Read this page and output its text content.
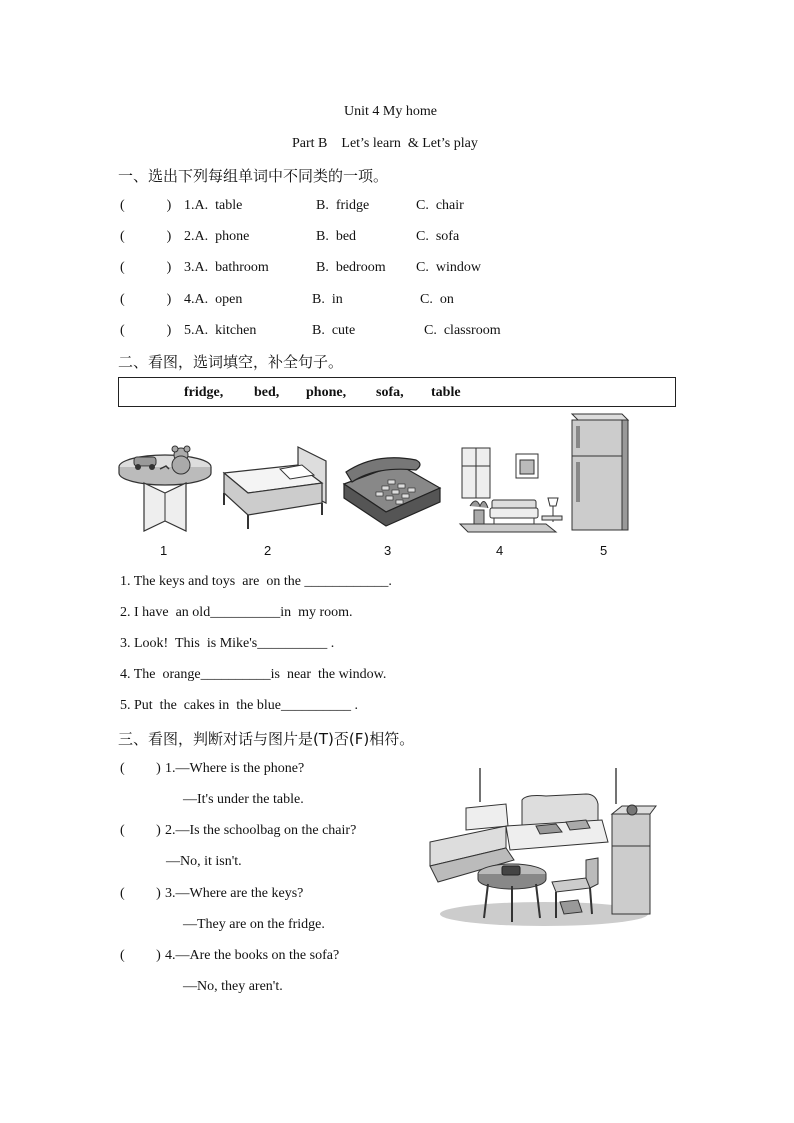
Unit 4 My home
Part B    Let’s learn  & Let’s play
一、选出下列每组单词中不同类的一项。
(            ) 1.A.  table	B.  fridge	C.  chair
(            ) 2.A.  phone	B.  bed	C.  sofa
(            ) 3.A.  bathroom	B.  bedroom C.  window
(            ) 4.A.  open	B.  in	C.  on
(            ) 5.A.  kitchen	B.  cute	C.  classroom
二、看图，选词填空，补全句子。
fridge, bed, phone, sofa, table
1	2	3	4	5
1. The keys and toys  are  on the ____________.
2. I have  an old__________in  my room.
3. Look!  This  is Mike's__________ .
4. The  orange__________is  near  the window.
5. Put  the  cakes in  the blue__________ .
三、看图，判断对话与图片是(T)否(F)相符。
(         ) 1.—Where is the phone?
—It's under the table.
(         ) 2.—Is the schoolbag on the chair?
—No, it isn't.
(         ) 3.—Where are the keys?
—They are on the fridge.
(         ) 4.—Are the books on the sofa?
—No, they aren't.
